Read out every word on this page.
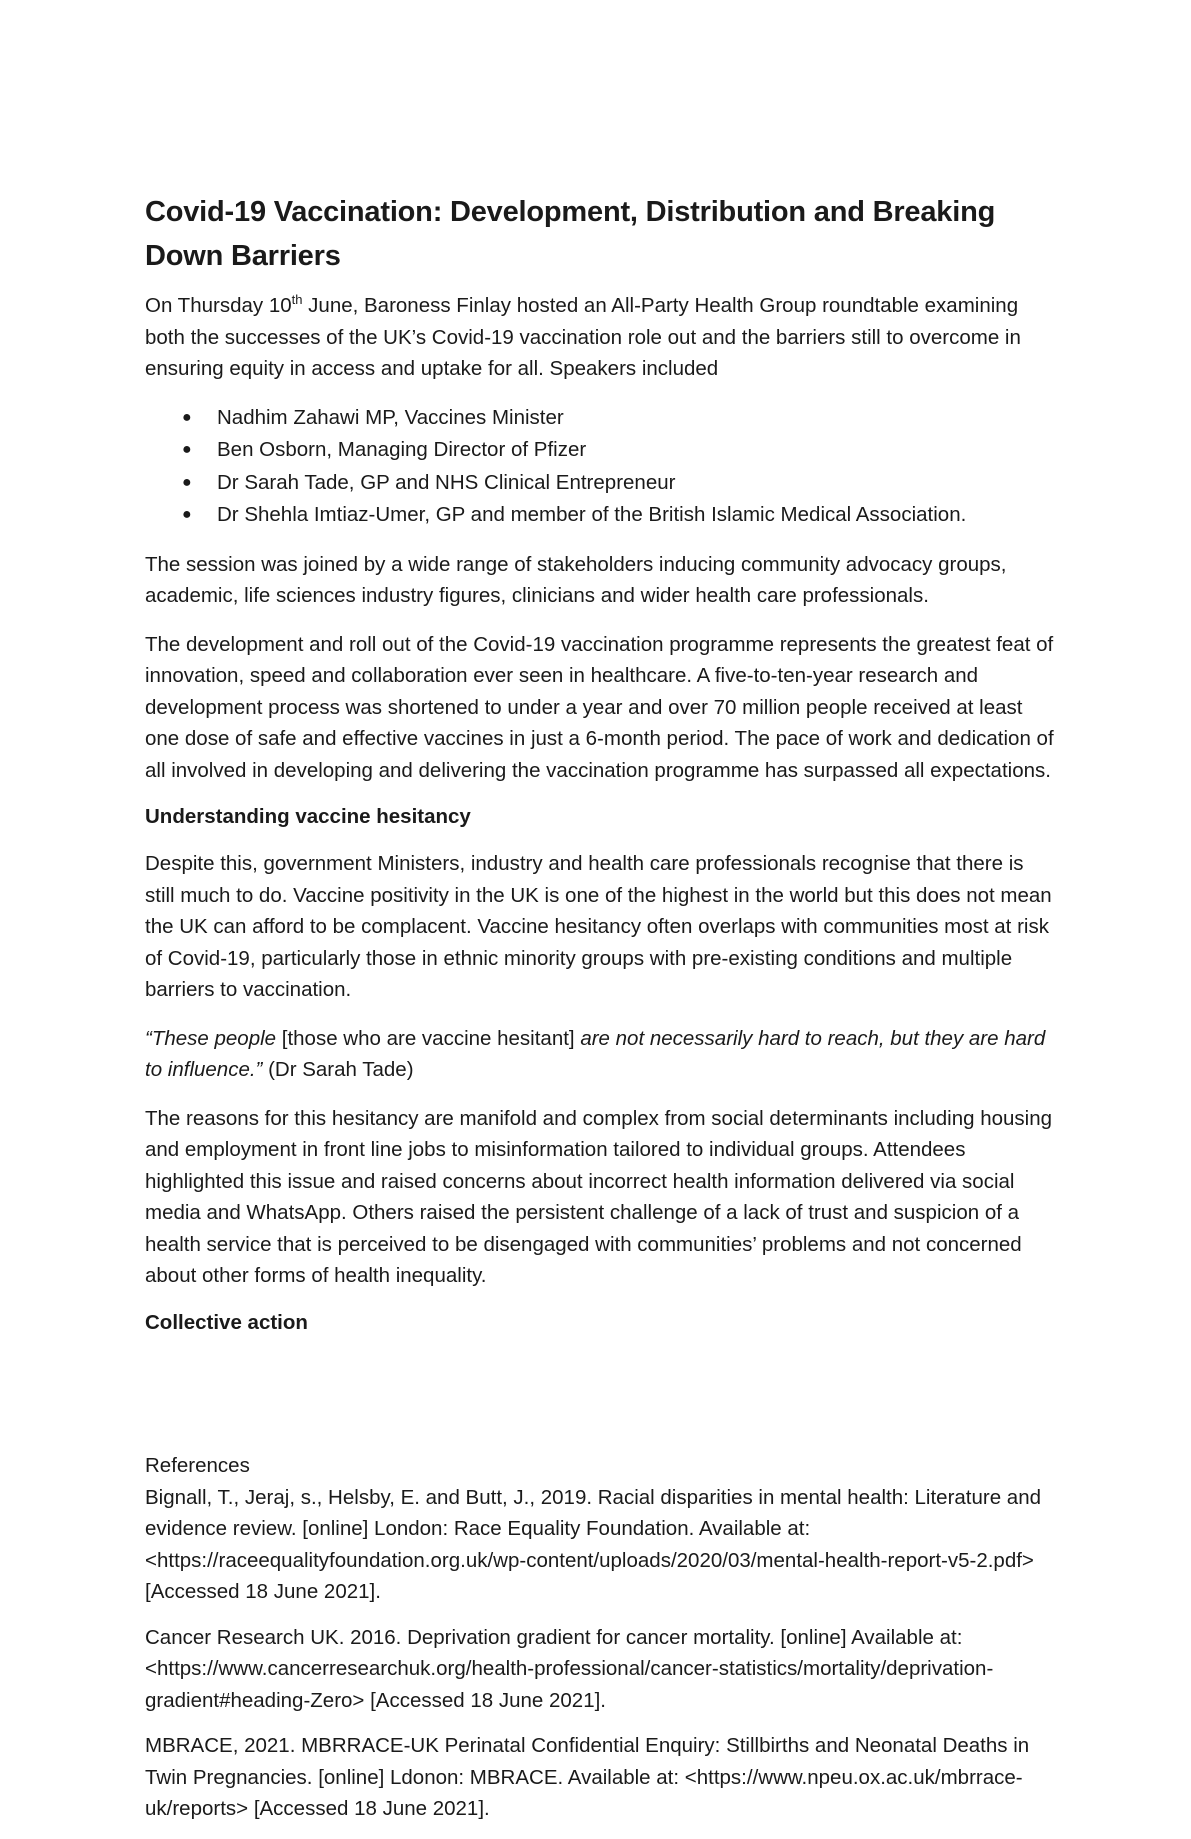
Covid-19 Vaccination: Development, Distribution and Breaking Down Barriers

On Thursday 10th June, Baroness Finlay hosted an All-Party Health Group roundtable examining both the successes of the UK’s Covid-19 vaccination role out and the barriers still to overcome in ensuring equity in access and uptake for all. Speakers included

● Nadhim Zahawi MP, Vaccines Minister
● Ben Osborn, Managing Director of Pfizer
● Dr Sarah Tade, GP and NHS Clinical Entrepreneur
● Dr Shehla Imtiaz-Umer, GP and member of the British Islamic Medical Association.

The session was joined by a wide range of stakeholders inducing community advocacy groups, academic, life sciences industry figures, clinicians and wider health care professionals.

The development and roll out of the Covid-19 vaccination programme represents the greatest feat of innovation, speed and collaboration ever seen in healthcare. A five-to-ten-year research and development process was shortened to under a year and over 70 million people received at least one dose of safe and effective vaccines in just a 6-month period. The pace of work and dedication of all involved in developing and delivering the vaccination programme has surpassed all expectations.

Understanding vaccine hesitancy

Despite this, government Ministers, industry and health care professionals recognise that there is still much to do. Vaccine positivity in the UK is one of the highest in the world but this does not mean the UK can afford to be complacent. Vaccine hesitancy often overlaps with communities most at risk of Covid-19, particularly those in ethnic minority groups with pre-existing conditions and multiple barriers to vaccination.

“These people [those who are vaccine hesitant] are not necessarily hard to reach, but they are hard to influence.” (Dr Sarah Tade)

The reasons for this hesitancy are manifold and complex from social determinants including housing and employment in front line jobs to misinformation tailored to individual groups. Attendees highlighted this issue and raised concerns about incorrect health information delivered via social media and WhatsApp. Others raised the persistent challenge of a lack of trust and suspicion of a health service that is perceived to be disengaged with communities’ problems and not concerned about other forms of health inequality.

Collective action

References

Bignall, T., Jeraj, s., Helsby, E. and Butt, J., 2019. Racial disparities in mental health: Literature and evidence review. [online] London: Race Equality Foundation. Available at: <https://raceequalityfoundation.org.uk/wp-content/uploads/2020/03/mental-health-report-v5-2.pdf> [Accessed 18 June 2021].

Cancer Research UK. 2016. Deprivation gradient for cancer mortality. [online] Available at: <https://www.cancerresearchuk.org/health-professional/cancer-statistics/mortality/deprivation-gradient#heading-Zero> [Accessed 18 June 2021].

MBRACE, 2021. MBRRACE-UK Perinatal Confidential Enquiry: Stillbirths and Neonatal Deaths in Twin Pregnancies. [online] Ldonon: MBRACE. Available at: <https://www.npeu.ox.ac.uk/mbrrace-uk/reports> [Accessed 18 June 2021].
